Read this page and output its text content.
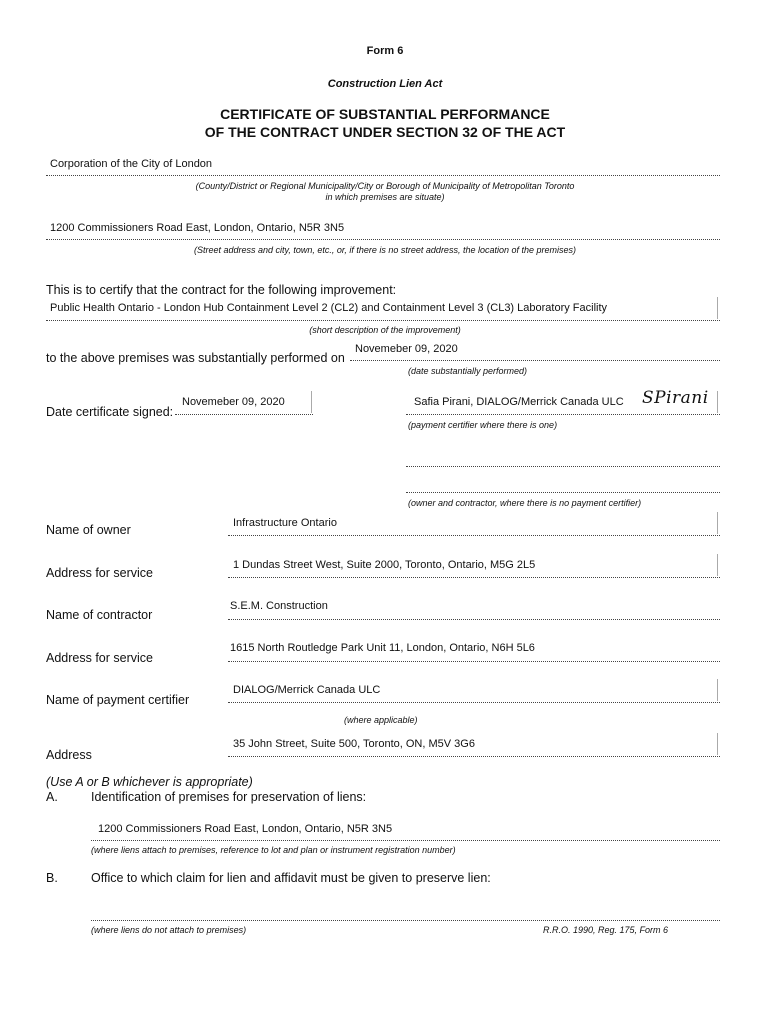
Form 6
Construction Lien Act
CERTIFICATE OF SUBSTANTIAL PERFORMANCE
OF THE CONTRACT UNDER SECTION 32 OF THE ACT
Corporation of the City of London
(County/District or Regional Municipality/City or Borough of Municipality of Metropolitan Toronto
in which premises are situate)
1200 Commissioners Road East, London, Ontario, N5R 3N5
(Street address and city, town, etc., or, if there is no street address, the location of the premises)
This is to certify that the contract for the following improvement:
Public Health Ontario - London Hub Containment Level 2 (CL2) and Containment Level 3 (CL3) Laboratory Facility
(short description of the improvement)
to the above premises was substantially performed on
Novemeber 09, 2020
(date substantially performed)
Date certificate signed:
Novemeber 09, 2020	Safia Pirani, DIALOG/Merrick Canada ULC SPirani
(payment certifier where there is one)
(owner and contractor, where there is no payment certifier)
Name of owner	Infrastructure Ontario
Address for service
1 Dundas Street West, Suite 2000, Toronto, Ontario, M5G 2L5
Name of contractor
S.E.M. Construction
Address for service
1615 North Routledge Park Unit 11, London, Ontario, N6H 5L6
Name of payment certifier
DIALOG/Merrick Canada ULC
(where applicable)
Address
35 John Street, Suite 500, Toronto, ON, M5V 3G6
(Use A or B whichever is appropriate)
A.	Identification of premises for preservation of liens:
1200 Commissioners Road East, London, Ontario, N5R 3N5
(where liens attach to premises, reference to lot and plan or instrument registration number)
B.	Office to which claim for lien and affidavit must be given to preserve lien:
(where liens do not attach to premises)	R.R.O. 1990, Reg. 175, Form 6
